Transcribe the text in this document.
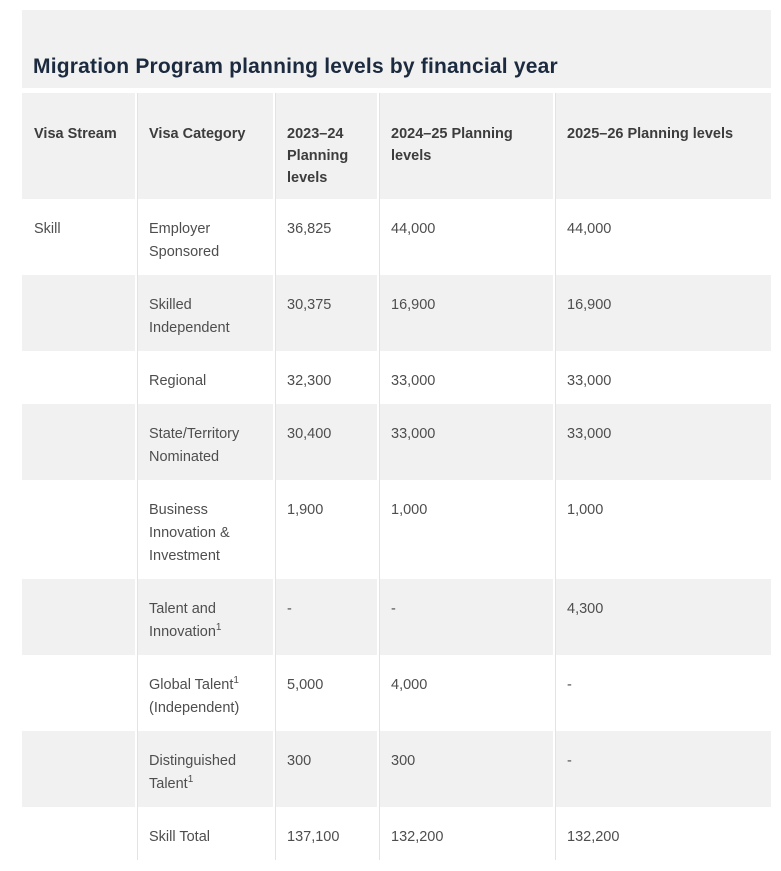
Migration Program planning levels by financial year
Visa Stream	Visa Category	2023–24 Planning levels	2024–25 Planning levels	2025–26 Planning levels
Skill	Employer Sponsored	36,825	44,000	44,000
	Skilled Independent	30,375	16,900	16,900
	Regional	32,300	33,000	33,000
	State/Territory Nominated	30,400	33,000	33,000
	Business Innovation & Investment	1,900	1,000	1,000
	Talent and Innovation$^1$	-	-	4,300
	Global Talent$^1$ (Independent)	5,000	4,000	-
	Distinguished Talent$^1$	300	300	-
	Skill Total	137,100	132,200	132,200
